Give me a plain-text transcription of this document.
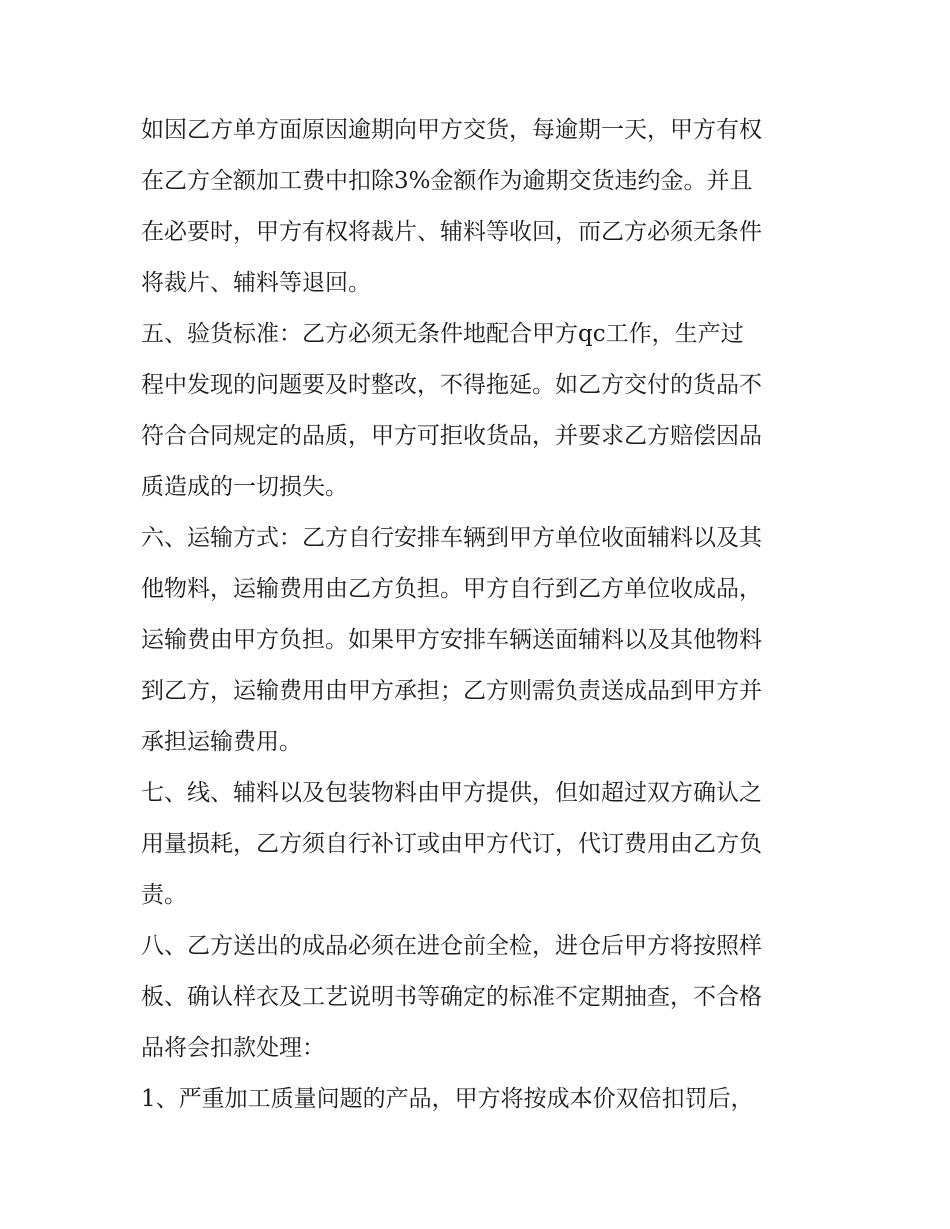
如因乙方单方面原因逾期向甲方交货，每逾期一天，甲方有权
在乙方全额加工费中扣除3%金额作为逾期交货违约金。并且
在必要时，甲方有权将裁片、辅料等收回，而乙方必须无条件
将裁片、辅料等退回。
五、验货标准：乙方必须无条件地配合甲方qc工作，生产过
程中发现的问题要及时整改，不得拖延。如乙方交付的货品不
符合合同规定的品质，甲方可拒收货品，并要求乙方赔偿因品
质造成的一切损失。
六、运输方式：乙方自行安排车辆到甲方单位收面辅料以及其
他物料，运输费用由乙方负担。甲方自行到乙方单位收成品，
运输费由甲方负担。如果甲方安排车辆送面辅料以及其他物料
到乙方，运输费用由甲方承担；乙方则需负责送成品到甲方并
承担运输费用。
七、线、辅料以及包装物料由甲方提供，但如超过双方确认之
用量损耗，乙方须自行补订或由甲方代订，代订费用由乙方负
责。
八、乙方送出的成品必须在进仓前全检，进仓后甲方将按照样
板、确认样衣及工艺说明书等确定的标准不定期抽查，不合格
品将会扣款处理：
1、严重加工质量问题的产品，甲方将按成本价双倍扣罚后，
